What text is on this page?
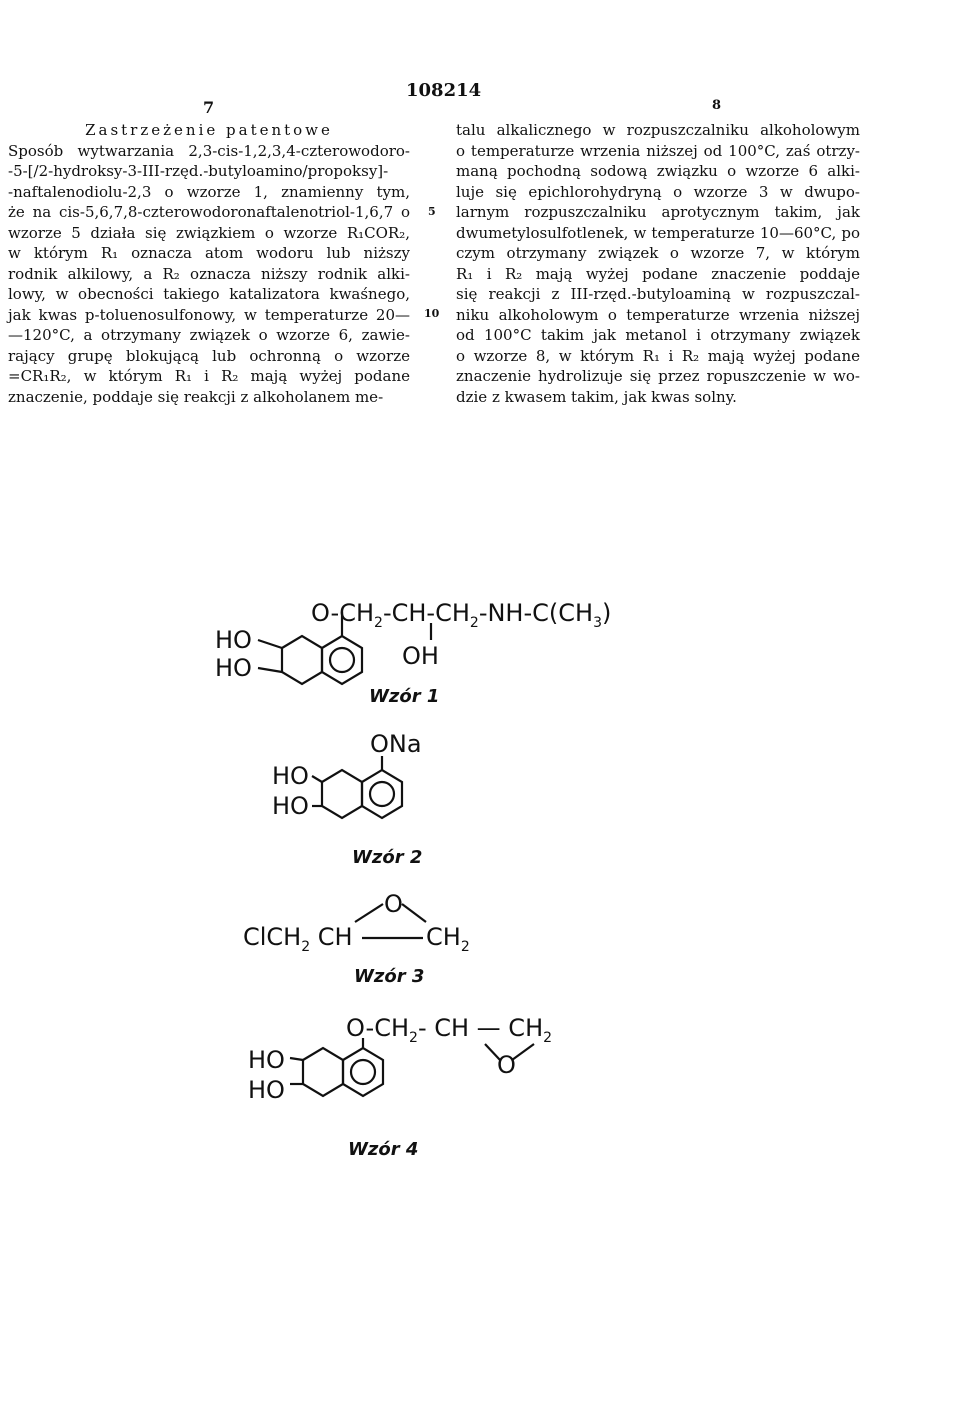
7
108214
8
Zastrzeżenie patentowe
Sposób wytwarzania 2,3-cis-1,2,3,4-czterowodoro-
-5-[/2-hydroksy-3-III-rzęd.-butyloamino/propoksy]-
-naftalenodiolu-2,3 o wzorze 1, znamienny tym,
że na cis-5,6,7,8-czterowodoronaftalenotriol-1,6,7 o
wzorze 5 działa się związkiem o wzorze R₁COR₂,
w którym R₁ oznacza atom wodoru lub niższy
rodnik alkilowy, a R₂ oznacza niższy rodnik alki-
lowy, w obecności takiego katalizatora kwaśnego,
jak kwas p-toluenosulfonowy, w temperaturze 20—
—120°C, a otrzymany związek o wzorze 6, zawie-
rający grupę blokującą lub ochronną o wzorze
=CR₁R₂, w którym R₁ i R₂ mają wyżej podane
znaczenie, poddaje się reakcji z alkoholanem me-
5
10
talu alkalicznego w rozpuszczalniku alkoholowym
o temperaturze wrzenia niższej od 100°C, zaś otrzy-
maną pochodną sodową związku o wzorze 6 alki-
luje się epichlorohydryną o wzorze 3 w dwupo-
larnym rozpuszczalniku aprotycznym takim, jak
dwumetylosulfotlenek, w temperaturze 10—60°C, po
czym otrzymany związek o wzorze 7, w którym
R₁ i R₂ mają wyżej podane znaczenie poddaje
się reakcji z III-rzęd.-butyloaminą w rozpuszczal-
niku alkoholowym o temperaturze wrzenia niższej
od 100°C takim jak metanol i otrzymany związek
o wzorze 8, w którym R₁ i R₂ mają wyżej podane
znaczenie hydrolizuje się przez ropuszczenie w wo-
dzie z kwasem takim, jak kwas solny.
$O-CH_2-CH-CH_2-NH-C(CH_3)$
OH
HO
HO
ONa
HO
HO
ClCH$_2$ CH
O
$CH_2$
$O-CH_2-$ CH — $CH_2$
O
HO
HO
Wzór 1
Wzór 2
Wzór 3
Wzór 4
